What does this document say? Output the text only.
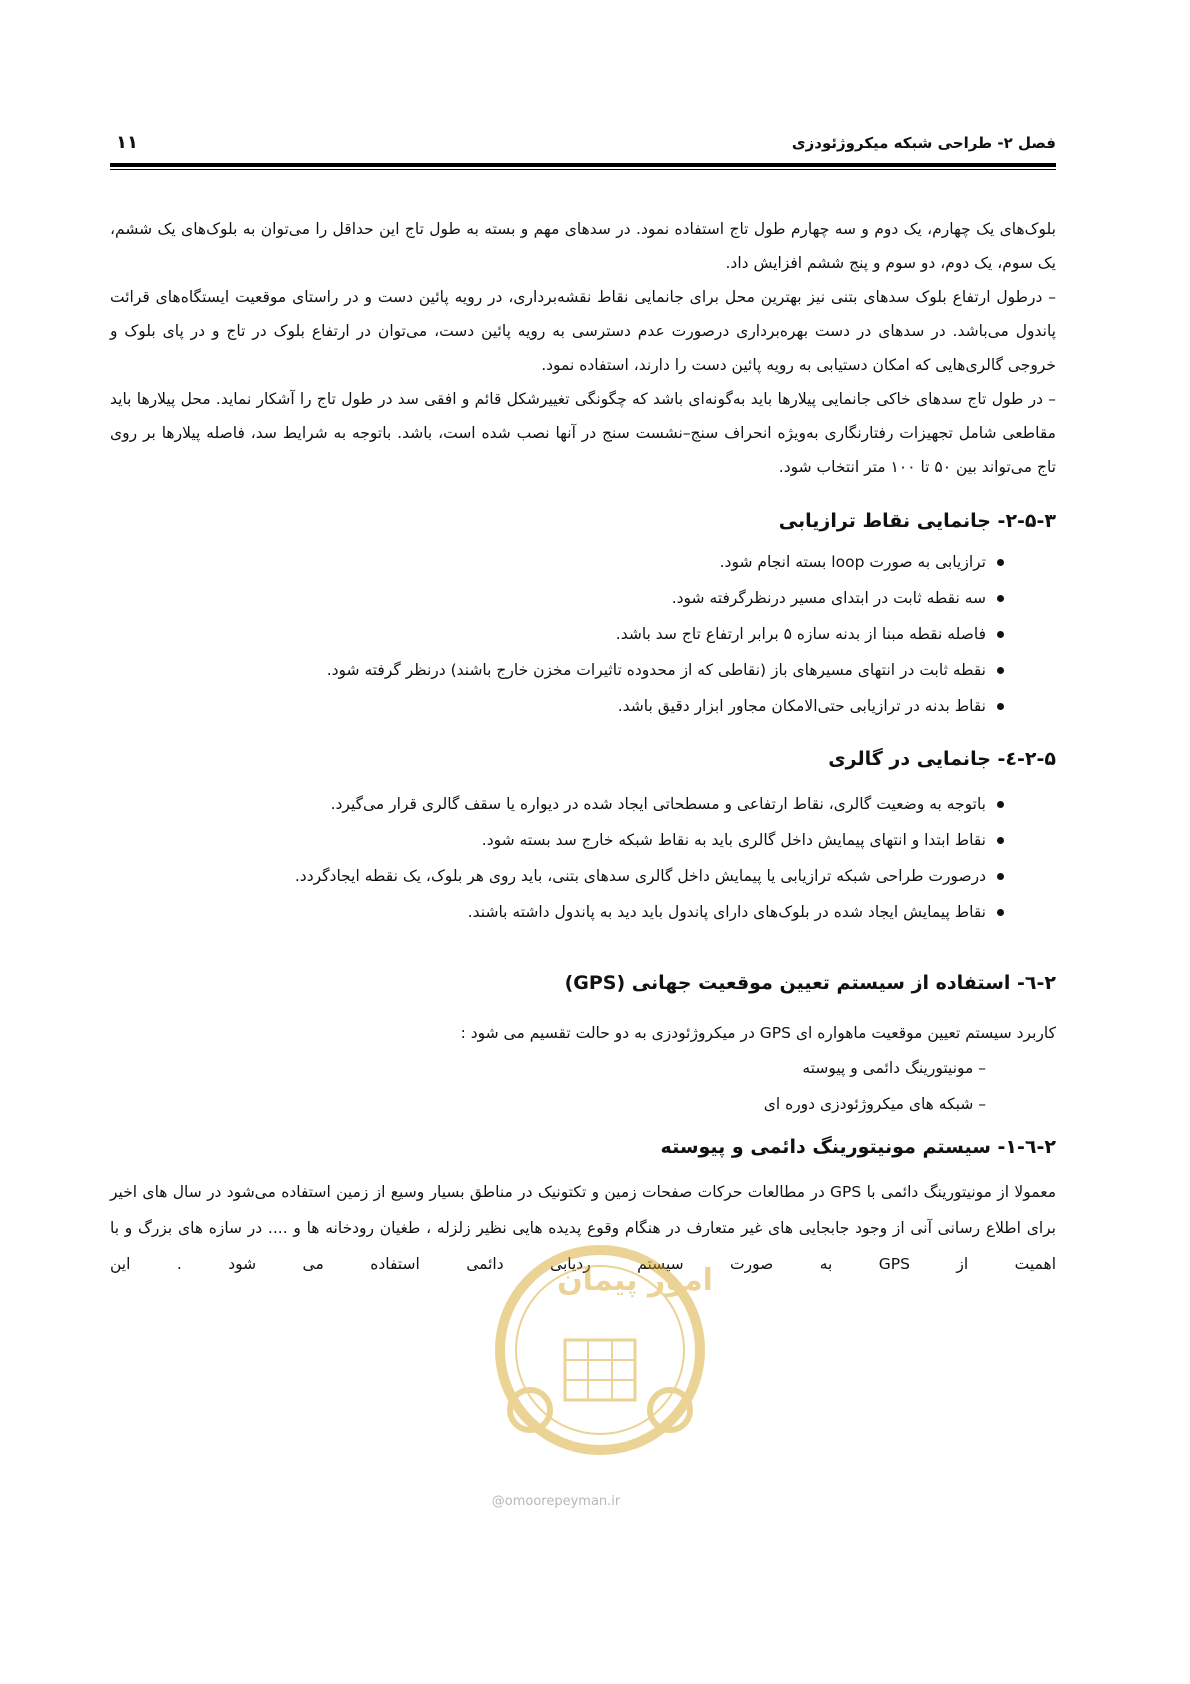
فصل ۲- طراحی شبکه میکروژئودزی
۱۱

بلوک‌های یک چهارم، یک دوم و سه چهارم طول تاج استفاده نمود. در سدهای مهم و بسته به طول تاج این حداقل را می‌توان به بلوک‌های یک ششم، یک سوم، یک دوم، دو سوم و پنج ششم افزایش داد.

– درطول ارتفاع بلوک سدهای بتنی نیز بهترین محل برای جانمایی نقاط نقشه‌برداری، در رویه پائین دست و در راستای موقعیت ایستگاه‌های قرائت پاندول می‌باشد. در سدهای در دست بهره‌برداری درصورت عدم دسترسی به رویه پائین دست، می‌توان در ارتفاع بلوک در تاج و در پای بلوک و خروجی گالری‌هایی که امکان دستیابی به رویه پائین دست را دارند، استفاده نمود.

– در طول تاج سدهای خاکی جانمایی پیلارها باید به‌گونه‌ای باشد که چگونگی تغییرشکل قائم و افقی سد در طول تاج را آشکار نماید. محل پیلارها باید مقاطعی شامل تجهیزات رفتارنگاری به‌ویژه انحراف سنج–نشست سنج در آنها نصب شده است، باشد. باتوجه به شرایط سد، فاصله پیلارها بر روی تاج می‌تواند بین ۵۰ تا ۱۰۰ متر انتخاب شود.

۲-۵-۳- جانمایی نقاط ترازیابی
ترازیابی به صورت loop بسته انجام شود.
سه نقطه ثابت در ابتدای مسیر درنظرگرفته شود.
فاصله نقطه مبنا از بدنه سازه ۵ برابر ارتفاع تاج سد باشد.
نقطه ثابت در انتهای مسیرهای باز (نقاطی که از محدوده تاثیرات مخزن خارج باشند) درنظر گرفته شود.
نقاط بدنه در ترازیابی حتی‌الامکان مجاور ابزار دقیق باشد.
۲-۵-٤- جانمایی در گالری
باتوجه به وضعیت گالری، نقاط ارتفاعی و مسطحاتی ایجاد شده در دیواره یا سقف گالری قرار می‌گیرد.
نقاط ابتدا و انتهای پیمایش داخل گالری باید به نقاط شبکه خارج سد بسته شود.
درصورت طراحی شبکه ترازیابی یا پیمایش داخل گالری سدهای بتنی، باید روی هر بلوک، یک نقطه ایجادگردد.
نقاط پیمایش ایجاد شده در بلوک‌های دارای پاندول باید دید به پاندول داشته باشند.
۲-٦- استفاده از سیستم تعیین موقعیت جهانی (GPS)
کاربرد سیستم تعیین موقعیت ماهواره ای GPS در میکروژئودزی به دو حالت تقسیم می شود :
– مونیتورینگ دائمی و پیوسته
– شبکه های میکروژئودزی دوره ای
۲-٦-۱- سیستم مونیتورینگ دائمی و پیوسته

معمولا از مونیتورینگ دائمی با GPS در مطالعات حرکات صفحات زمین و تکتونیک در مناطق بسیار وسیع از زمین استفاده می‌شود در سال های اخیر برای اطلاع رسانی آنی از وجود جابجایی های غیر متعارف در هنگام وقوع پدیده هایی نظیر زلزله ، طغیان رودخانه ها و .... در سازه های بزرگ و با اهمیت از GPS به صورت سیستم ردیابی دائمی استفاده می شود . این

امور پیمان
@omoorepeyman.ir
